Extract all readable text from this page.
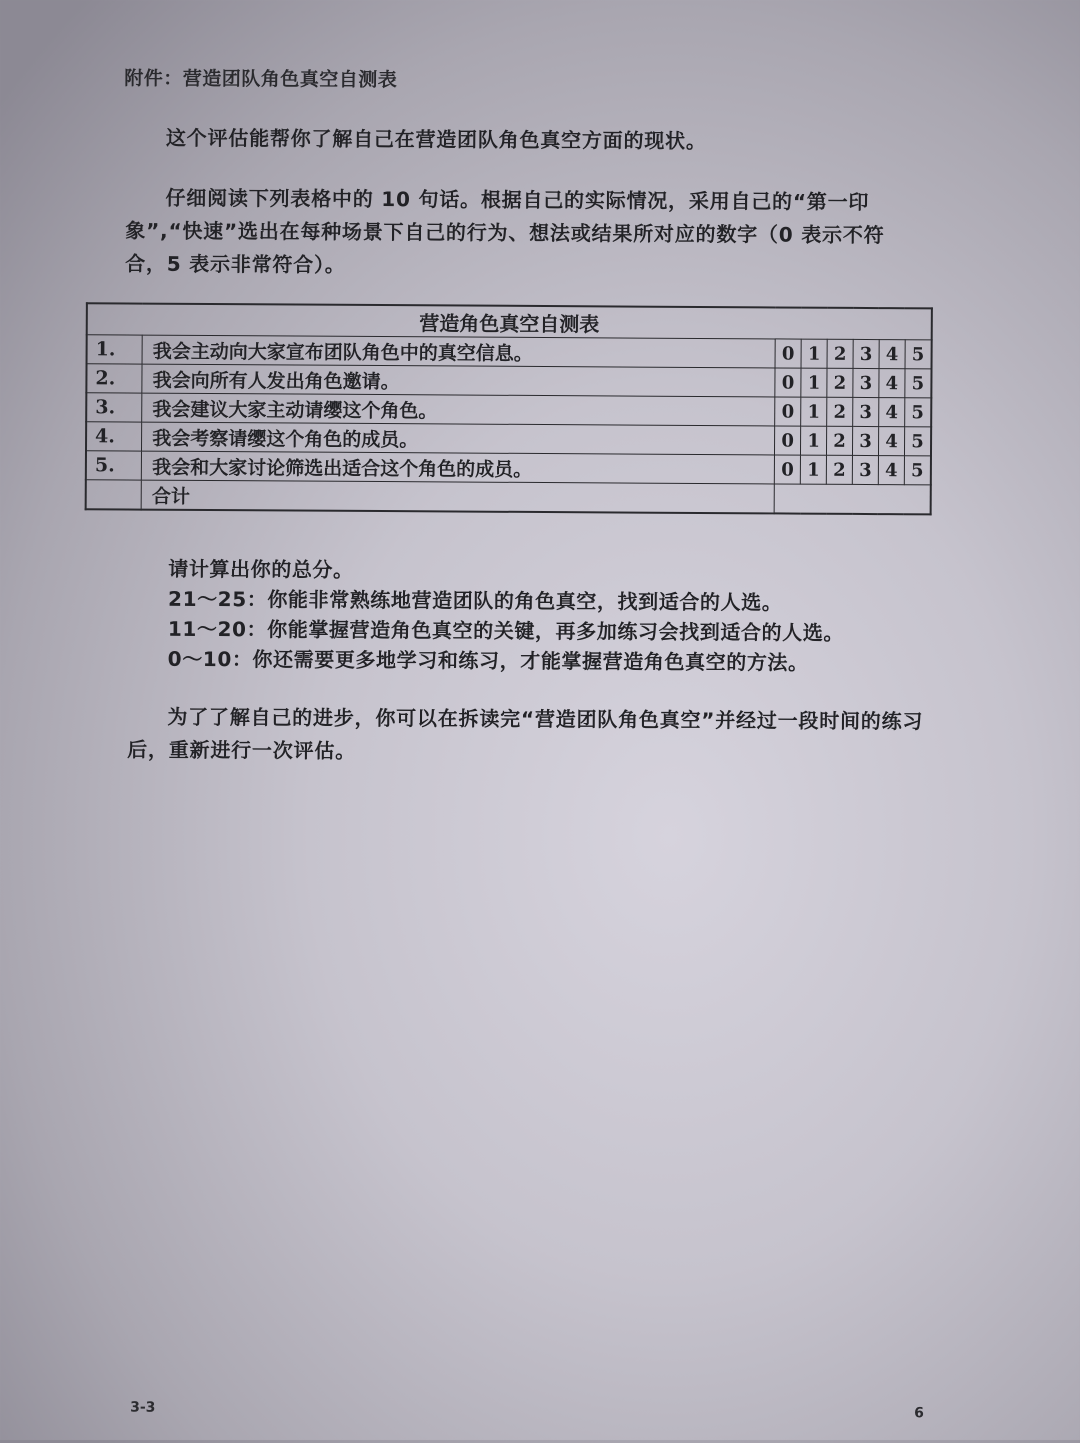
附件：营造团队角色真空自测表
这个评估能帮你了解自己在营造团队角色真空方面的现状。
仔细阅读下列表格中的 10 句话。根据自己的实际情况，采用自己的“第一印象”,“快速”选出在每种场景下自己的行为、想法或结果所对应的数字（0 表示不符合，5 表示非常符合）。
营造角色真空自测表							
1.	我会主动向大家宣布团队角色中的真空信息。	0	1	2	3	4	5
2.	我会向所有人发出角色邀请。	0	1	2	3	4	5
3.	我会建议大家主动请缨这个角色。	0	1	2	3	4	5
4.	我会考察请缨这个角色的成员。	0	1	2	3	4	5
5.	我会和大家讨论筛选出适合这个角色的成员。	0	1	2	3	4	5
	合计						
请计算出你的总分。
21～25：你能非常熟练地营造团队的角色真空，找到适合的人选。
11～20：你能掌握营造角色真空的关键，再多加练习会找到适合的人选。
0～10：你还需要更多地学习和练习，才能掌握营造角色真空的方法。
为了了解自己的进步，你可以在拆读完“营造团队角色真空”并经过一段时间的练习后，重新进行一次评估。
3-3	6
